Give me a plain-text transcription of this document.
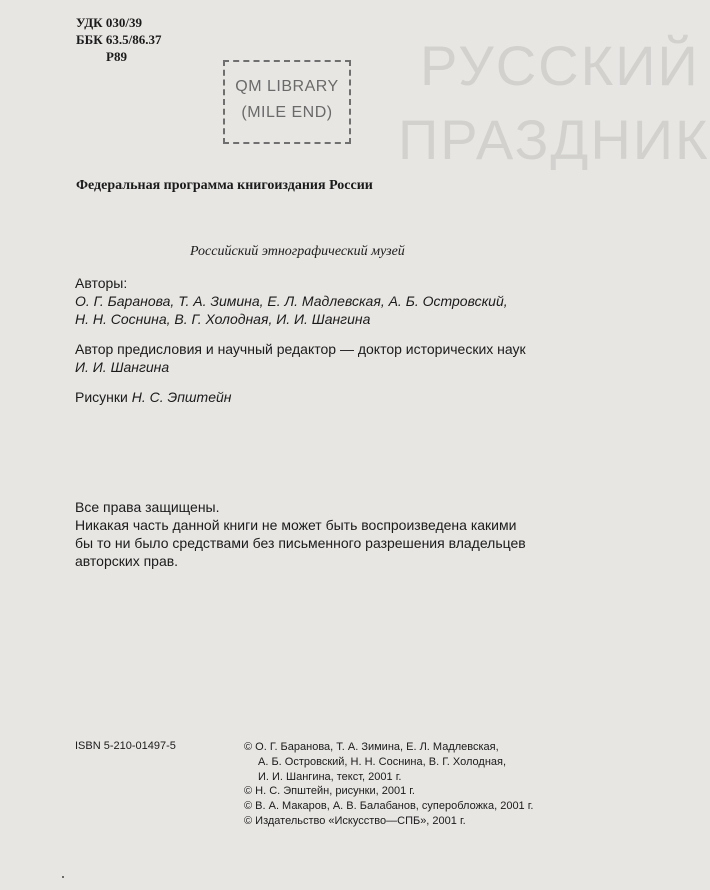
РУССКИЙ
ПРАЗДНИК
УДК 030/39
ББК 63.5/86.37
Р89
QM LIBRARY
(MILE END)
Федеральная программа книгоиздания России
Российский этнографический музей
Авторы:
О. Г. Баранова, Т. А. Зимина, Е. Л. Мадлевская, А. Б. Островский,
Н. Н. Соснина, В. Г. Холодная, И. И. Шангина
Автор предисловия и научный редактор — доктор исторических наук
И. И. Шангина
Рисунки Н. С. Эпштейн
Все права защищены.
Никакая часть данной книги не может быть воспроизведена какими
бы то ни было средствами без письменного разрешения владельцев
авторских прав.
ISBN 5-210-01497-5	© О. Г. Баранова, Т. А. Зимина, Е. Л. Мадлевская,
А. Б. Островский, Н. Н. Соснина, В. Г. Холодная,
И. И. Шангина, текст, 2001 г.
© Н. С. Эпштейн, рисунки, 2001 г.
© В. А. Макаров, А. В. Балабанов, суперобложка, 2001 г.
© Издательство «Искусство—СПБ», 2001 г.
